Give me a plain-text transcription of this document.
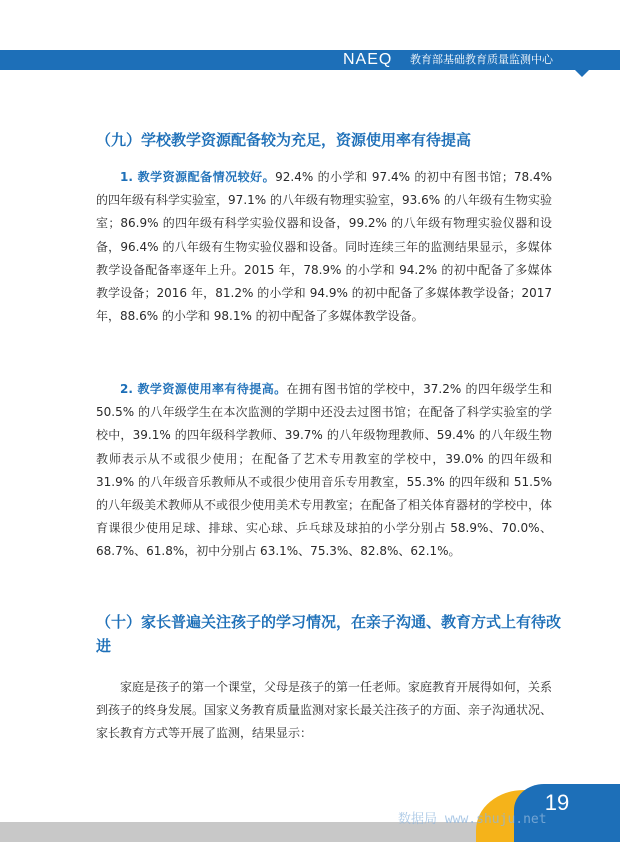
NAEQ 教育部基础教育质量监测中心
（九）学校教学资源配备较为充足，资源使用率有待提高

1. 教学资源配备情况较好。92.4% 的小学和 97.4% 的初中有图书馆；78.4% 的四年级有科学实验室，97.1% 的八年级有物理实验室，93.6% 的八年级有生物实验室；86.9% 的四年级有科学实验仪器和设备，99.2% 的八年级有物理实验仪器和设备，96.4% 的八年级有生物实验仪器和设备。同时连续三年的监测结果显示，多媒体教学设备配备率逐年上升。2015 年，78.9% 的小学和 94.2% 的初中配备了多媒体教学设备；2016 年，81.2% 的小学和 94.9% 的初中配备了多媒体教学设备；2017 年，88.6% 的小学和 98.1% 的初中配备了多媒体教学设备。

2. 教学资源使用率有待提高。在拥有图书馆的学校中，37.2% 的四年级学生和 50.5% 的八年级学生在本次监测的学期中还没去过图书馆；在配备了科学实验室的学校中，39.1% 的四年级科学教师、39.7% 的八年级物理教师、59.4% 的八年级生物教师表示从不或很少使用；在配备了艺术专用教室的学校中，39.0% 的四年级和 31.9% 的八年级音乐教师从不或很少使用音乐专用教室，55.3% 的四年级和 51.5% 的八年级美术教师从不或很少使用美术专用教室；在配备了相关体育器材的学校中，体育课很少使用足球、排球、实心球、乒乓球及球拍的小学分别占 58.9%、70.0%、68.7%、61.8%，初中分别占 63.1%、75.3%、82.8%、62.1%。

（十）家长普遍关注孩子的学习情况，在亲子沟通、教育方式上有待改进

家庭是孩子的第一个课堂，父母是孩子的第一任老师。家庭教育开展得如何，关系到孩子的终身发展。国家义务教育质量监测对家长最关注孩子的方面、亲子沟通状况、家长教育方式等开展了监测，结果显示：

19
数据局 www.shuju.net
